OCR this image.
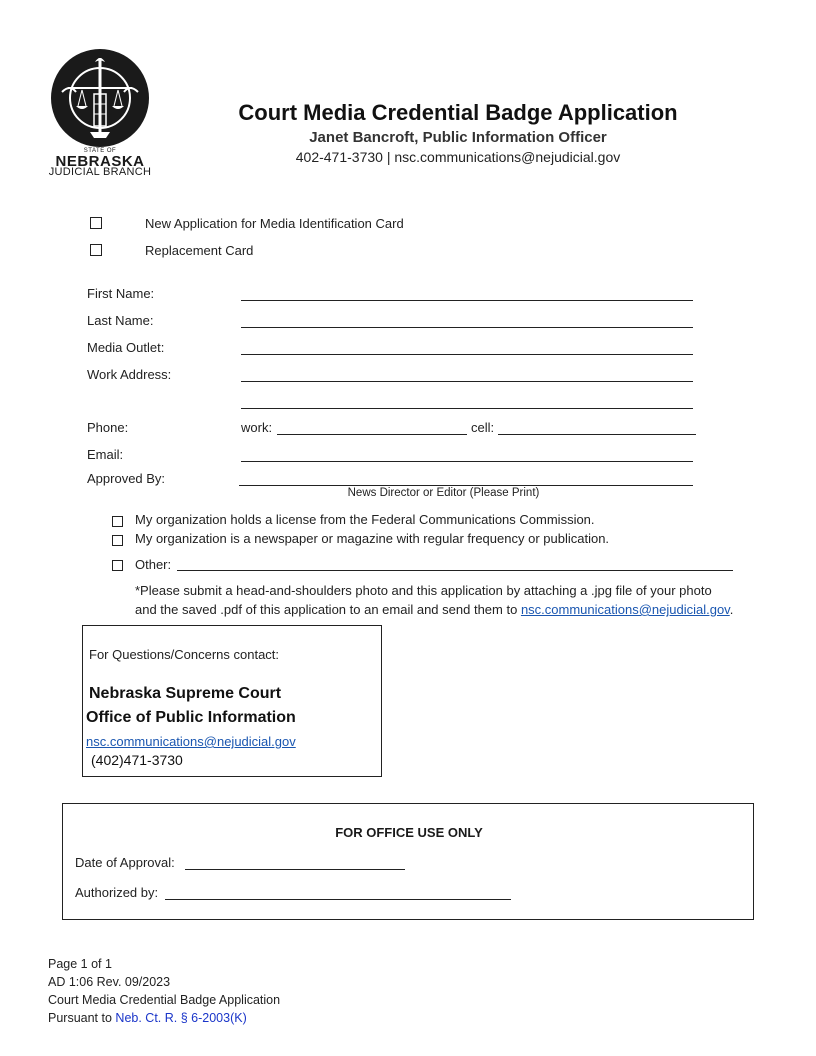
STATE OF
NEBRASKA
JUDICIAL BRANCH
Court Media Credential Badge Application
Janet Bancroft, Public Information Officer
402-471-3730 | nsc.communications@nejudicial.gov
New Application for Media Identification Card
Replacement Card
First Name:
Last Name:
Media Outlet:
Work Address:
Phone:	work:	cell:
Email:
Approved By:
News Director or Editor (Please Print)
My organization holds a license from the Federal Communications Commission.
My organization is a newspaper or magazine with regular frequency or publication.
Other:
*Please submit a head-and-shoulders photo and this application by attaching a .jpg file of your photo
and the saved .pdf of this application to an email and send them to nsc.communications@nejudicial.gov.
For Questions/Concerns contact:
Nebraska Supreme Court
Office of Public Information
nsc.communications@nejudicial.gov
(402)471-3730
FOR OFFICE USE ONLY
Date of Approval:
Authorized by:
Page 1 of 1
AD 1:06 Rev. 09/2023
Court Media Credential Badge Application
Pursuant to Neb. Ct. R. § 6-2003(K)
